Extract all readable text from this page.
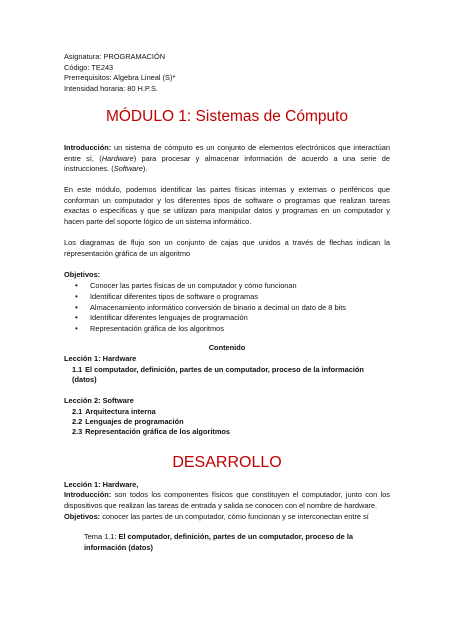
Asignatura: PROGRAMACIÓN
Código: TE243
Prerrequisitos: Algebra Lineal (S)*
Intensidad horaria: 80 H.P.S.
MÓDULO 1: Sistemas de Cómputo

Introducción: un sistema de cómputo es un conjunto de elementos electrónicos que interactúan entre sí, (Hardware) para procesar y almacenar información de acuerdo a una serie de instrucciones. (Software).

En este módulo, podemos identificar las partes físicas internas y externas o periféricos que conforman un computador y los diferentes tipos de software o programas que realizan tareas exactas o específicas y que se utilizan para manipular datos y programas en un computador y hacen parte del soporte lógico de un sistema informático.

Los diagramas de flujo son un conjunto de cajas que unidos a través de flechas indican la representación gráfica de un algoritmo

Objetivos:

• Conocer las partes físicas de un computador y cómo funcionan
• Identificar diferentes tipos de software o programas
• Almacenamiento informático conversión de binario a decimal un dato de 8 bits
• Identificar diferentes lenguajes de programación
• Representación gráfica de los algoritmos

Contenido

Lección 1: Hardware

1.1 El computador, definición, partes de un computador, proceso de la información (datos)

Lección 2: Software

2.1 Arquitectura interna
2.2 Lenguajes de programación
2.3 Representación gráfica de los algoritmos
DESARROLLO

Lección 1: Hardware,

Introducción: son todos los componentes físicos que constituyen el computador, junto con los dispositivos que realizan las tareas de entrada y salida se conocen con el nombre de hardware.

Objetivos: conocer las partes de un computador, cómo funcionan y se interconectan entre sí

Tema 1.1: El computador, definición, partes de un computador, proceso de la información (datos)
